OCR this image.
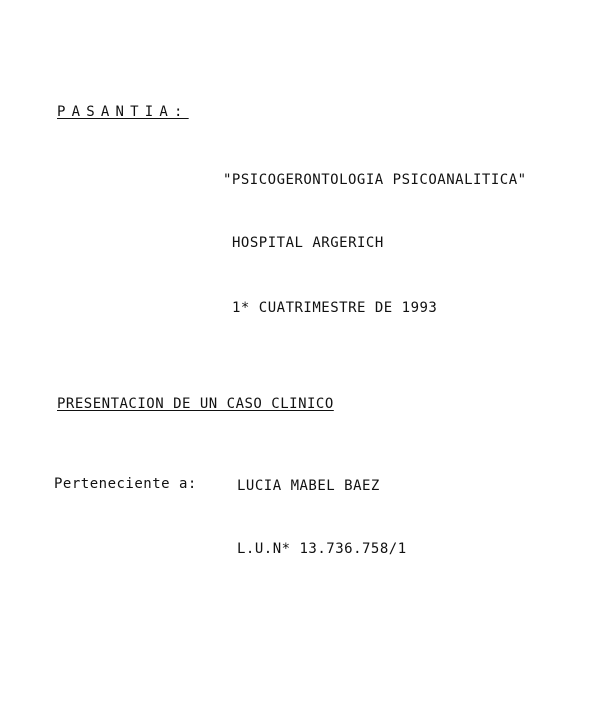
PASANTIA:
"PSICOGERONTOLOGIA PSICOANALITICA"
HOSPITAL ARGERICH
1* CUATRIMESTRE DE 1993
PRESENTACION DE UN CASO CLINICO
Perteneciente a:	LUCIA MABEL BAEZ
L.U.N* 13.736.758/1
